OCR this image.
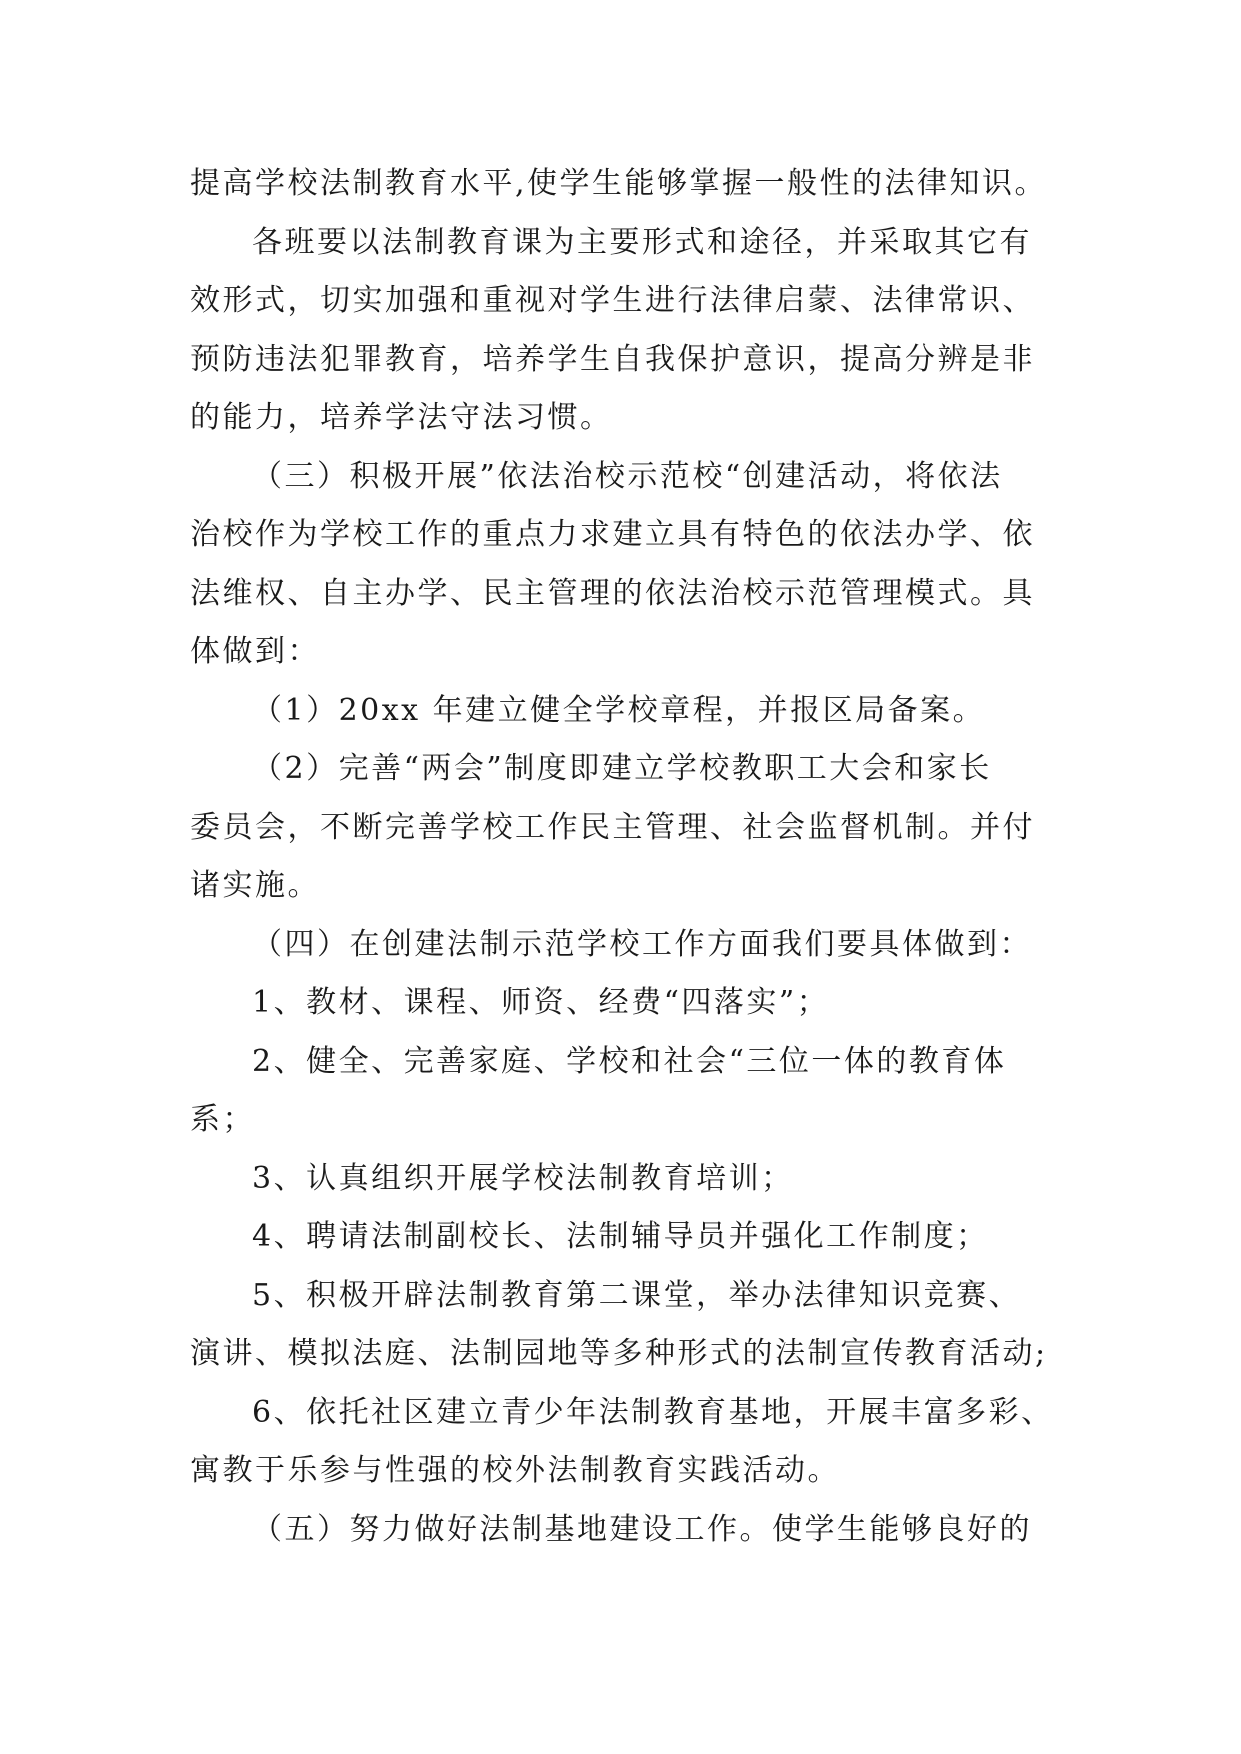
提高学校法制教育水平,使学生能够掌握一般性的法律知识。

各班要以法制教育课为主要形式和途径，并采取其它有

效形式，切实加强和重视对学生进行法律启蒙、法律常识、

预防违法犯罪教育，培养学生自我保护意识，提高分辨是非

的能力，培养学法守法习惯。

（三）积极开展”依法治校示范校“创建活动，将依法

治校作为学校工作的重点力求建立具有特色的依法办学、依

法维权、自主办学、民主管理的依法治校示范管理模式。具

体做到：

（1）20xx 年建立健全学校章程，并报区局备案。

（2）完善“两会”制度即建立学校教职工大会和家长

委员会，不断完善学校工作民主管理、社会监督机制。并付

诸实施。

（四）在创建法制示范学校工作方面我们要具体做到：

1、教材、课程、师资、经费“四落实”；

2、健全、完善家庭、学校和社会“三位一体的教育体

系；

3、认真组织开展学校法制教育培训；

4、聘请法制副校长、法制辅导员并强化工作制度；

5、积极开辟法制教育第二课堂，举办法律知识竞赛、

演讲、模拟法庭、法制园地等多种形式的法制宣传教育活动;

6、依托社区建立青少年法制教育基地，开展丰富多彩、

寓教于乐参与性强的校外法制教育实践活动。

（五）努力做好法制基地建设工作。使学生能够良好的
